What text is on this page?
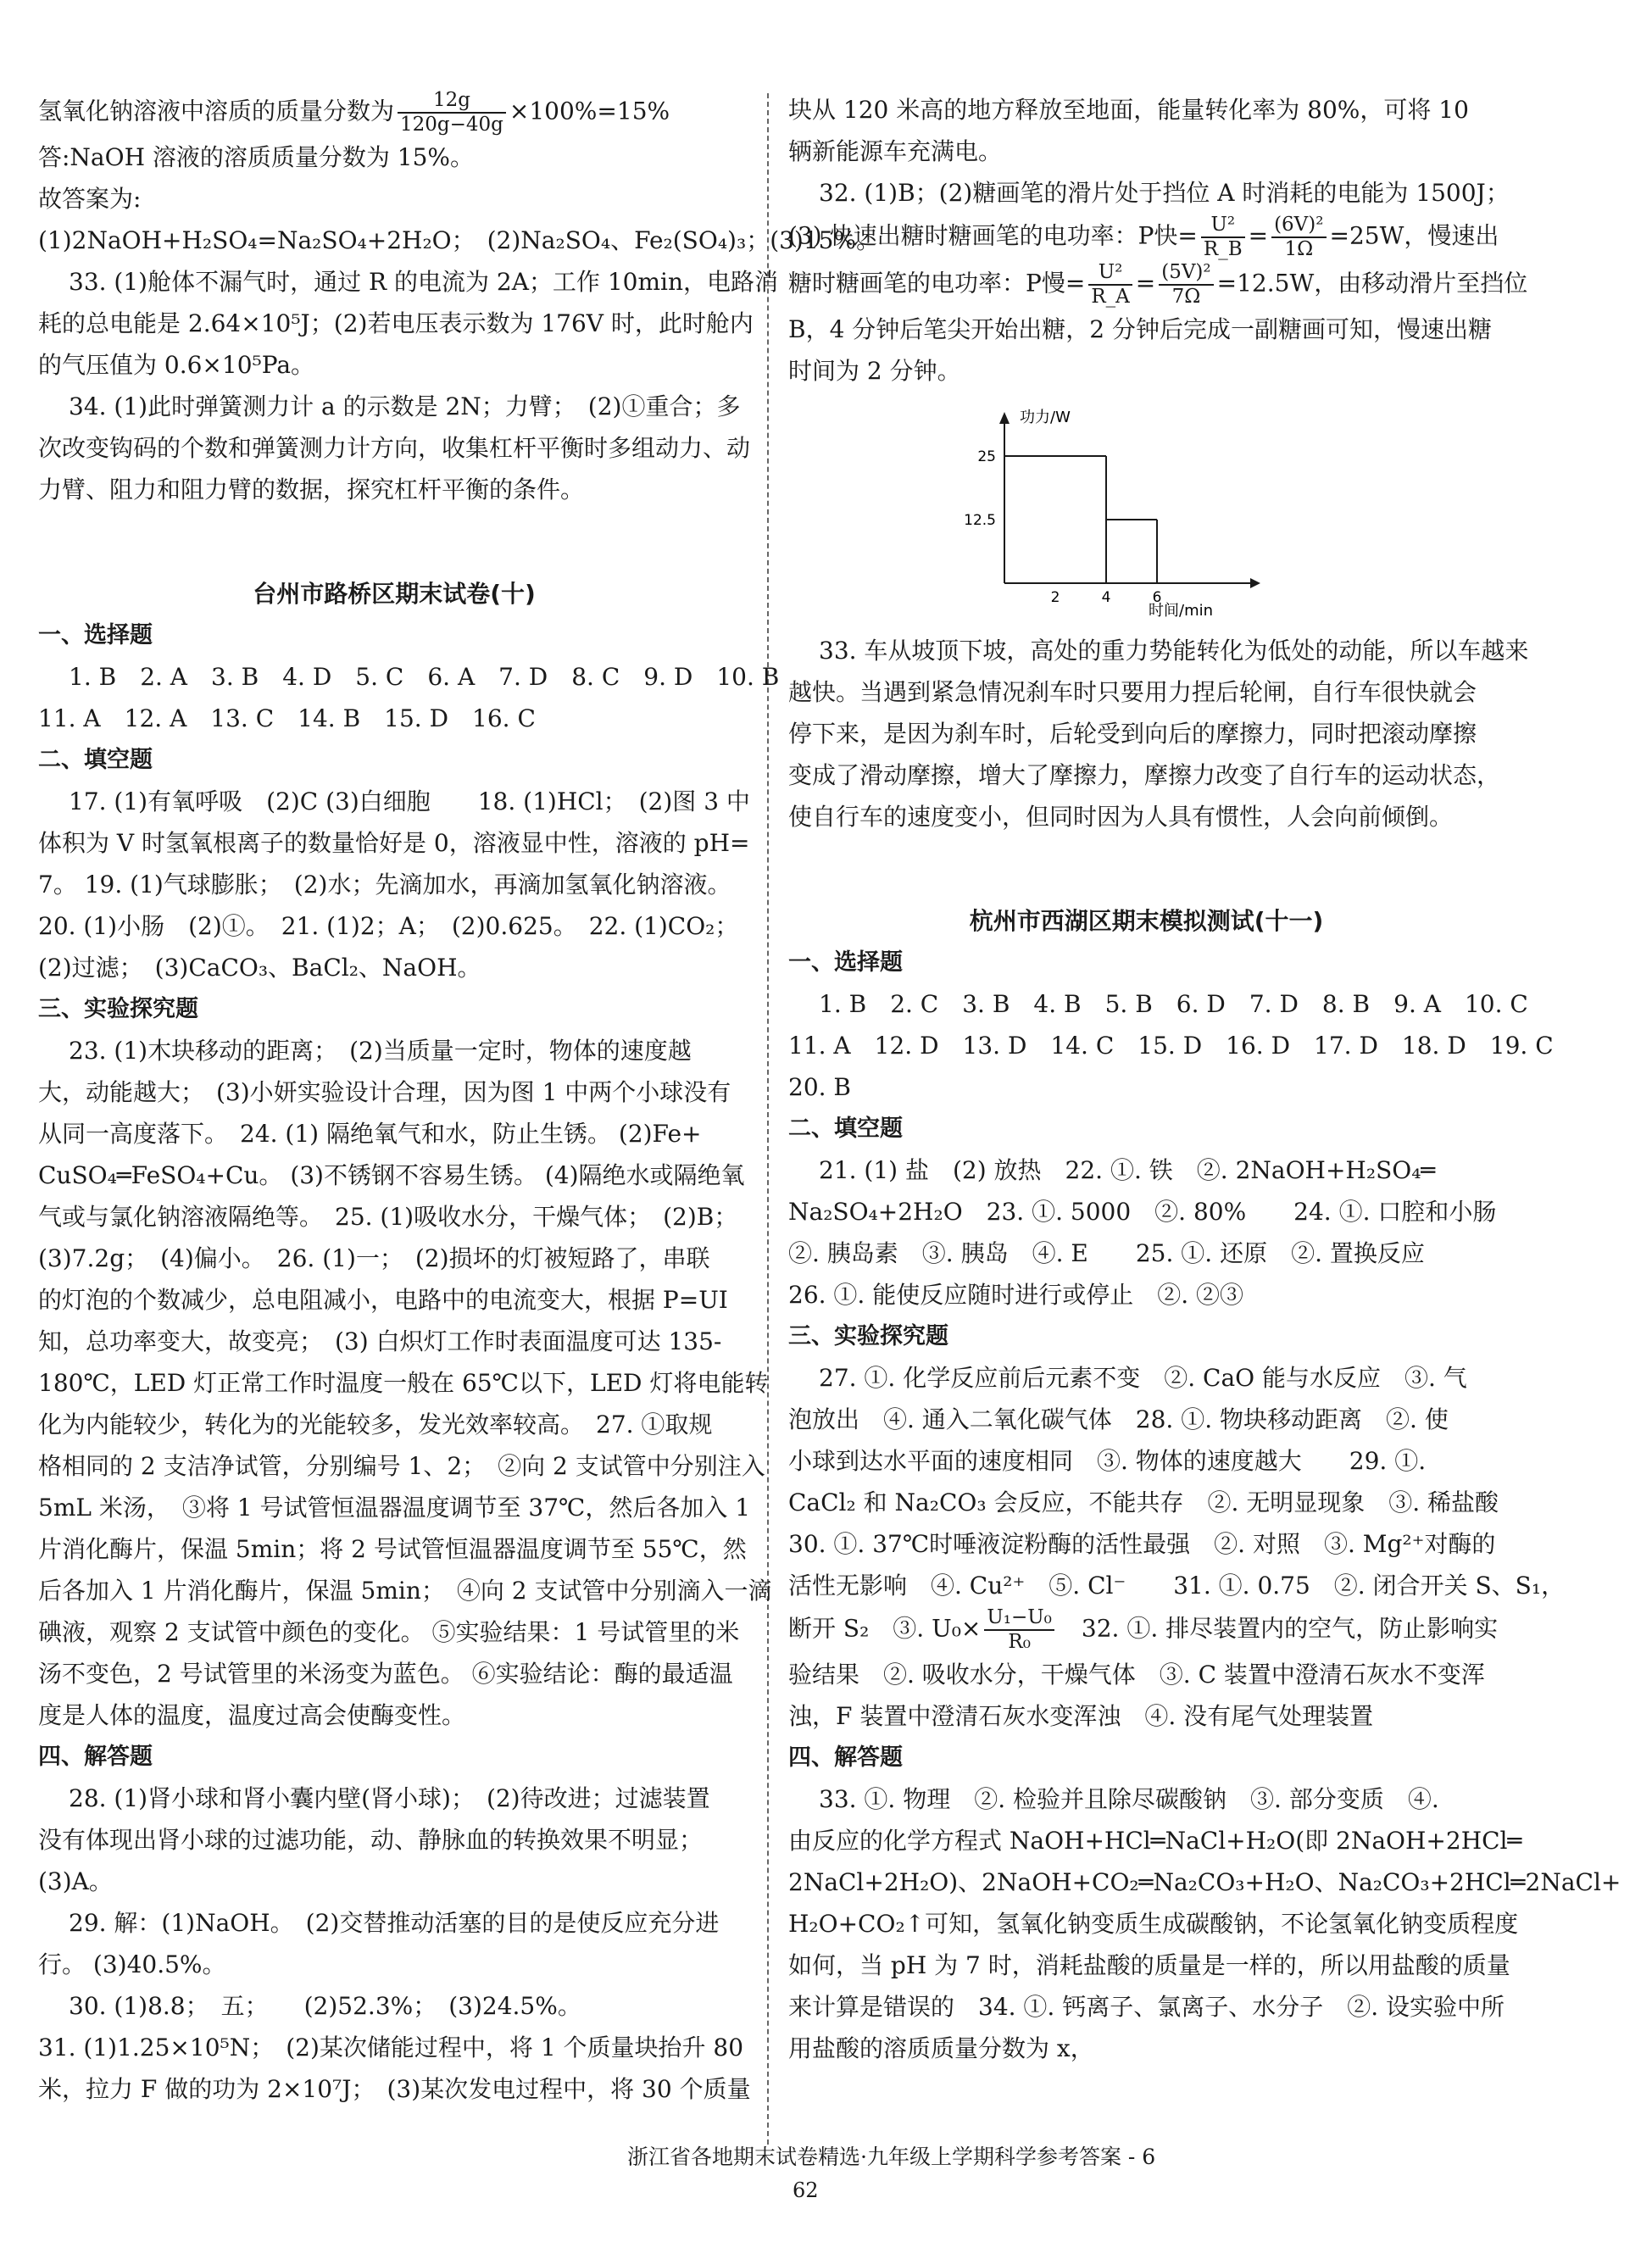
氢氧化钠溶液中溶质的质量分数为 $\frac{12g}{120g-40g} \times 100\%=15\%$

答:NaOH 溶液的溶质质量分数为 15%。

故答案为:

(1)2NaOH+H₂SO₄=Na₂SO₄+2H₂O；　(2)Na₂SO₄、Fe₂(SO₄)₃；(3)15%。

33. (1)舱体不漏气时，通过 R 的电流为 2A；工作 10min，电路消

耗的总电能是 2.64×10⁵J；(2)若电压表示数为 176V 时，此时舱内

的气压值为 0.6×10⁵Pa。

34. (1)此时弹簧测力计 a 的示数是 2N；力臂；　(2)①重合；多

次改变钩码的个数和弹簧测力计方向，收集杠杆平衡时多组动力、动

力臂、阻力和阻力臂的数据，探究杠杆平衡的条件。

台州市路桥区期末试卷(十)
一、选择题

1. B　2. A　3. B　4. D　5. C　6. A　7. D　8. C　9. D　10. B

11. A　12. A　13. C　14. B　15. D　16. C

二、填空题

17. (1)有氧呼吸　(2)C (3)白细胞　　18. (1)HCl；　(2)图 3 中

体积为 V 时氢氧根离子的数量恰好是 0，溶液显中性，溶液的 pH=

7。 19. (1)气球膨胀；　(2)水；先滴加水，再滴加氢氧化钠溶液。

20. (1)小肠　(2)①。　21. (1)2；A；　(2)0.625。　22. (1)CO₂；

(2)过滤；　(3)CaCO₃、BaCl₂、NaOH。

三、实验探究题

23. (1)木块移动的距离；　(2)当质量一定时，物体的速度越

大，动能越大；　(3)小妍实验设计合理，因为图 1 中两个小球没有

从同一高度落下。　24. (1) 隔绝氧气和水，防止生锈。 (2)Fe+

CuSO₄═FeSO₄+Cu。 (3)不锈钢不容易生锈。 (4)隔绝水或隔绝氧

气或与氯化钠溶液隔绝等。　25. (1)吸收水分，干燥气体；　(2)B；

(3)7.2g；　(4)偏小。　26. (1)一；　(2)损坏的灯被短路了，串联

的灯泡的个数减少，总电阻减小，电路中的电流变大，根据 P=UI

知，总功率变大，故变亮；　(3) 白炽灯工作时表面温度可达 135-

180℃，LED 灯正常工作时温度一般在 65℃以下，LED 灯将电能转

化为内能较少，转化为的光能较多，发光效率较高。　27. ①取规

格相同的 2 支洁净试管，分别编号 1、2；　②向 2 支试管中分别注入

5mL 米汤，　③将 1 号试管恒温器温度调节至 37℃，然后各加入 1

片消化酶片，保温 5min；将 2 号试管恒温器温度调节至 55℃，然

后各加入 1 片消化酶片，保温 5min；　④向 2 支试管中分别滴入一滴

碘液，观察 2 支试管中颜色的变化。 ⑤实验结果：1 号试管里的米

汤不变色，2 号试管里的米汤变为蓝色。 ⑥实验结论：酶的最适温

度是人体的温度，温度过高会使酶变性。

四、解答题

28. (1)肾小球和肾小囊内壁(肾小球)；　(2)待改进；过滤装置

没有体现出肾小球的过滤功能，动、静脉血的转换效果不明显；

(3)A。

29. 解：(1)NaOH。　(2)交替推动活塞的目的是使反应充分进

行。 (3)40.5%。

30. (1)8.8；　五；　　(2)52.3%；　(3)24.5%。

31. (1)1.25×10⁵N；　(2)某次储能过程中，将 1 个质量块抬升 80

米，拉力 F 做的功为 2×10⁷J；　(3)某次发电过程中，将 30 个质量

块从 120 米高的地方释放至地面，能量转化率为 80%，可将 10

辆新能源车充满电。

32. (1)B；(2)糖画笔的滑片处于挡位 A 时消耗的电能为 1500J；

(3) 快速出糖时糖画笔的电功率：P快= $\frac{\text{U²}}{R\_B} = \frac{\text{(6V)²}}{1\Omega} =25W$，慢速出

糖时糖画笔的电功率：P慢= $\frac{\text{U²}}{R\_A} = \frac{\text{(5V)²}}{7\Omega} =12.5W$，由移动滑片至挡位

B，4 分钟后笔尖开始出糖，2 分钟后完成一副糖画可知，慢速出糖

时间为 2 分钟。

功力/W
时间/min
25
12.5
2	4	6

33. 车从坡顶下坡，高处的重力势能转化为低处的动能，所以车越来

越快。当遇到紧急情况刹车时只要用力捏后轮闸，自行车很快就会

停下来，是因为刹车时，后轮受到向后的摩擦力，同时把滚动摩擦

变成了滑动摩擦，增大了摩擦力，摩擦力改变了自行车的运动状态，

使自行车的速度变小，但同时因为人具有惯性，人会向前倾倒。

杭州市西湖区期末模拟测试(十一)
一、选择题

1. B　2. C　3. B　4. B　5. B　6. D　7. D　8. B　9. A　10. C

11. A　12. D　13. D　14. C　15. D　16. D　17. D　18. D　19. C

20. B

二、填空题

21. (1) 盐　(2) 放热　22. ①. 铁　②. 2NaOH+H₂SO₄═

Na₂SO₄+2H₂O　23. ①. 5000　②. 80%　　24. ①. 口腔和小肠

②. 胰岛素　③. 胰岛　④. E　　25. ①. 还原　②. 置换反应

26. ①. 能使反应随时进行或停止　②. ②③

三、实验探究题

27. ①. 化学反应前后元素不变　②. CaO 能与水反应　③. 气

泡放出　④. 通入二氧化碳气体　28. ①. 物块移动距离　②. 使

小球到达水平面的速度相同　③. 物体的速度越大　　29. ①.

CaCl₂ 和 Na₂CO₃ 会反应，不能共存　②. 无明显现象　③. 稀盐酸

30. ①. 37℃时唾液淀粉酶的活性最强　②. 对照　③. Mg²⁺对酶的

活性无影响　④. Cu²⁺　⑤. Cl⁻　　31. ①. 0.75　②. 闭合开关 S、S₁，

断开 S₂　③. $U_0\times \frac{\text{U₁−U₀}}{\text{R₀}}$ 　32. ①. 排尽装置内的空气，防止影响实

验结果　②. 吸收水分，干燥气体　③. C 装置中澄清石灰水不变浑

浊，F 装置中澄清石灰水变浑浊　④. 没有尾气处理装置

四、解答题

33. ①. 物理　②. 检验并且除尽碳酸钠　③. 部分变质　④.

由反应的化学方程式 NaOH+HCl═NaCl+H₂O(即 2NaOH+2HCl═

2NaCl+2H₂O)、2NaOH+CO₂═Na₂CO₃+H₂O、Na₂CO₃+2HCl═2NaCl+

H₂O+CO₂↑可知，氢氧化钠变质生成碳酸钠，不论氢氧化钠变质程度

如何，当 pH 为 7 时，消耗盐酸的质量是一样的，所以用盐酸的质量

来计算是错误的　34. ①. 钙离子、氯离子、水分子　②. 设实验中所

用盐酸的溶质质量分数为 x，

浙江省各地期末试卷精选·九年级上学期科学参考答案 - 6
62
